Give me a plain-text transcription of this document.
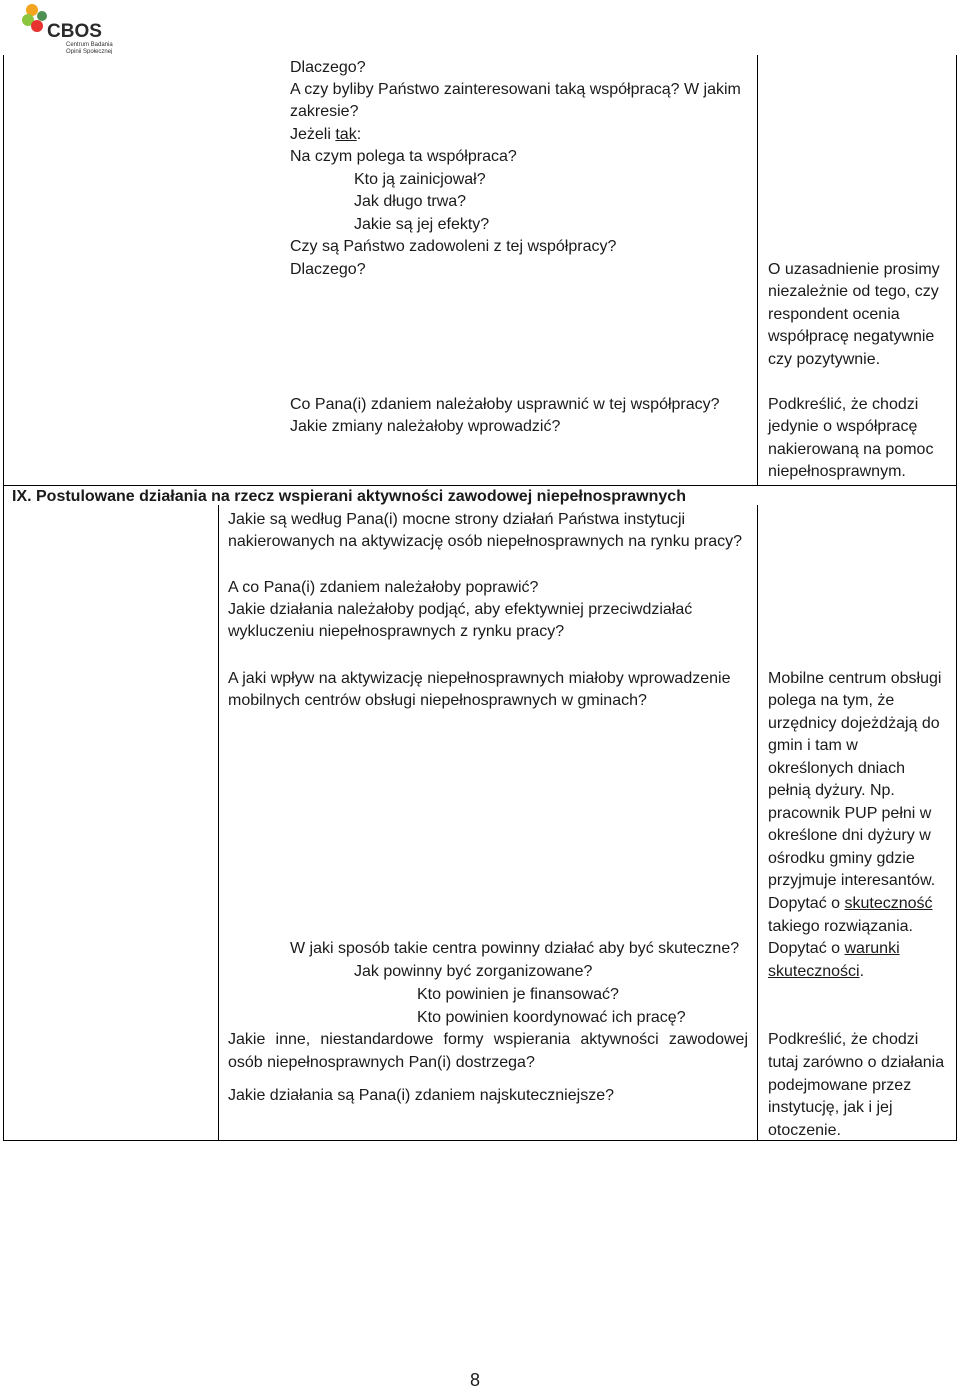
CBOS
Centrum Badania
Opinii Społecznej
Dlaczego?
A czy byliby Państwo zainteresowani taką współpracą? W jakim
zakresie?
Jeżeli tak:
Na czym polega ta współpraca?
Kto ją zainicjował?
Jak długo trwa?
Jakie są jej efekty?
Czy są Państwo zadowoleni z tej współpracy?
Dlaczego?
Co Pana(i) zdaniem należałoby usprawnić w tej współpracy?
Jakie zmiany należałoby wprowadzić?
O uzasadnienie prosimy
niezależnie od tego, czy
respondent ocenia
współpracę negatywnie
czy pozytywnie.
Podkreślić, że chodzi
jedynie o współpracę
nakierowaną na pomoc
niepełnosprawnym.
IX. Postulowane działania na rzecz wspierani aktywności zawodowej niepełnosprawnych
Jakie są według Pana(i) mocne strony działań Państwa instytucji
nakierowanych na aktywizację osób niepełnosprawnych na rynku pracy?
A co Pana(i) zdaniem należałoby poprawić?
Jakie działania należałoby podjąć, aby efektywniej przeciwdziałać
wykluczeniu niepełnosprawnych z rynku pracy?
A jaki wpływ na aktywizację niepełnosprawnych miałoby wprowadzenie
mobilnych centrów obsługi niepełnosprawnych w gminach?
W jaki sposób takie centra powinny działać aby być skuteczne?
Jak powinny być zorganizowane?
Kto powinien je finansować?
Kto powinien koordynować ich pracę?
Jakie inne, niestandardowe formy wspierania aktywności zawodowej osób niepełnosprawnych Pan(i) dostrzega?
Jakie działania są Pana(i) zdaniem najskuteczniejsze?
Mobilne centrum obsługi
polega na tym, że
urzędnicy dojeżdżają do
gmin i tam w
określonych dniach
pełnią dyżury. Np.
pracownik PUP pełni w
określone dni dyżury w
ośrodku gminy gdzie
przyjmuje interesantów.
Dopytać o skuteczność
takiego rozwiązania.
Dopytać o warunki
skuteczności.
Podkreślić, że chodzi
tutaj zarówno o działania
podejmowane przez
instytucję, jak i jej
otoczenie.
8
